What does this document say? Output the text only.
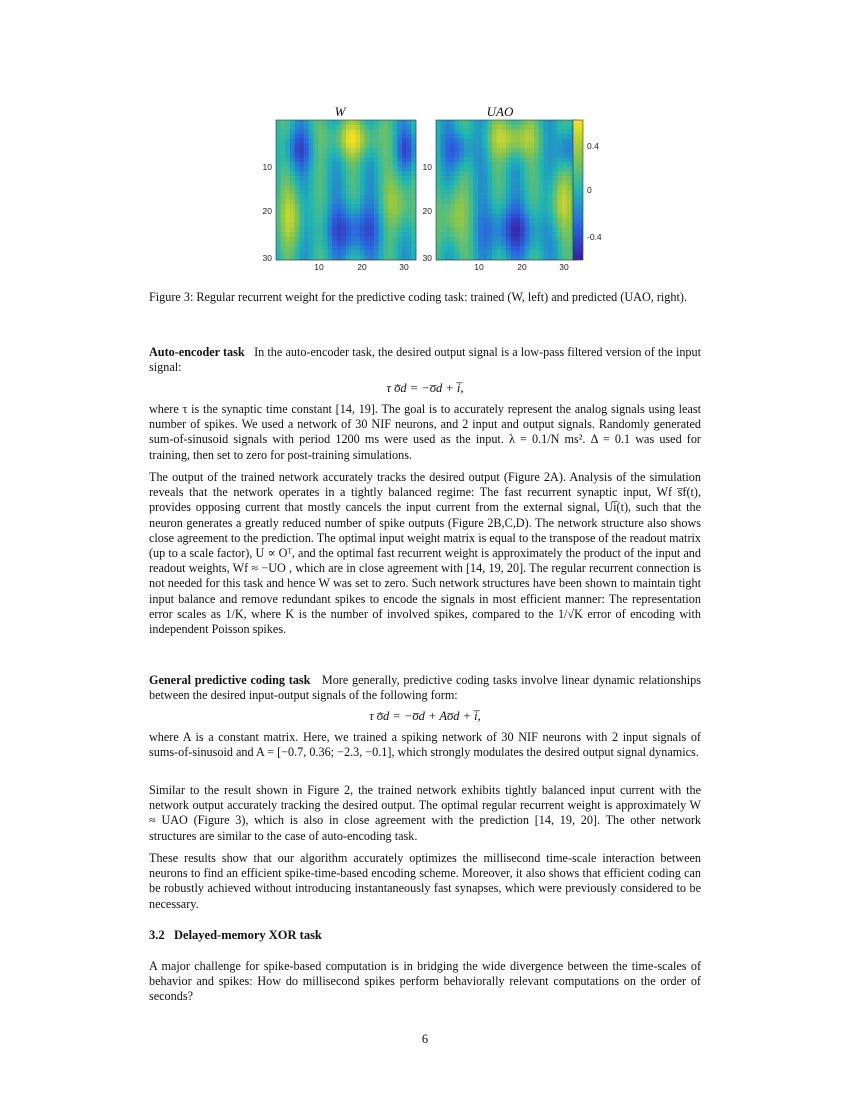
W	UAO
10
20
30
10	20	30
10
20
30
10	20	30
0.4
0
-0.4

Figure 3: Regular recurrent weight for the predictive coding task: trained (W, left) and predicted (UAO, right).

Auto-encoder task In the auto-encoder task, the desired output signal is a low-pass filtered version of the input signal:

τ o̅̇d = −o̅d + i̅,

where τ is the synaptic time constant [14, 19]. The goal is to accurately represent the analog signals using least number of spikes. We used a network of 30 NIF neurons, and 2 input and output signals. Randomly generated sum-of-sinusoid signals with period 1200 ms were used as the input. λ = 0.1/N ms². Δ = 0.1 was used for training, then set to zero for post-training simulations.

The output of the trained network accurately tracks the desired output (Figure 2A). Analysis of the simulation reveals that the network operates in a tightly balanced regime: The fast recurrent synaptic input, Wf s̅f(t), provides opposing current that mostly cancels the input current from the external signal, Ui̅(t), such that the neuron generates a greatly reduced number of spike outputs (Figure 2B,C,D). The network structure also shows close agreement to the prediction. The optimal input weight matrix is equal to the transpose of the readout matrix (up to a scale factor), U ∝ Oᵀ, and the optimal fast recurrent weight is approximately the product of the input and readout weights, Wf ≈ −UO , which are in close agreement with [14, 19, 20]. The regular recurrent connection is not needed for this task and hence W was set to zero. Such network structures have been shown to maintain tight input balance and remove redundant spikes to encode the signals in most efficient manner: The representation error scales as 1/K, where K is the number of involved spikes, compared to the 1/√K error of encoding with independent Poisson spikes.

General predictive coding task More generally, predictive coding tasks involve linear dynamic relationships between the desired input-output signals of the following form:

τ o̅̇d = −o̅d + Ao̅d + i̅,

where A is a constant matrix. Here, we trained a spiking network of 30 NIF neurons with 2 input signals of sums-of-sinusoid and A = [−0.7, 0.36; −2.3, −0.1], which strongly modulates the desired output signal dynamics.

Similar to the result shown in Figure 2, the trained network exhibits tightly balanced input current with the network output accurately tracking the desired output. The optimal regular recurrent weight is approximately W ≈ UAO (Figure 3), which is also in close agreement with the prediction [14, 19, 20]. The other network structures are similar to the case of auto-encoding task.

These results show that our algorithm accurately optimizes the millisecond time-scale interaction between neurons to find an efficient spike-time-based encoding scheme. Moreover, it also shows that efficient coding can be robustly achieved without introducing instantaneously fast synapses, which were previously considered to be necessary.

3.2 Delayed-memory XOR task

A major challenge for spike-based computation is in bridging the wide divergence between the time-scales of behavior and spikes: How do millisecond spikes perform behaviorally relevant computations on the order of seconds?

6
